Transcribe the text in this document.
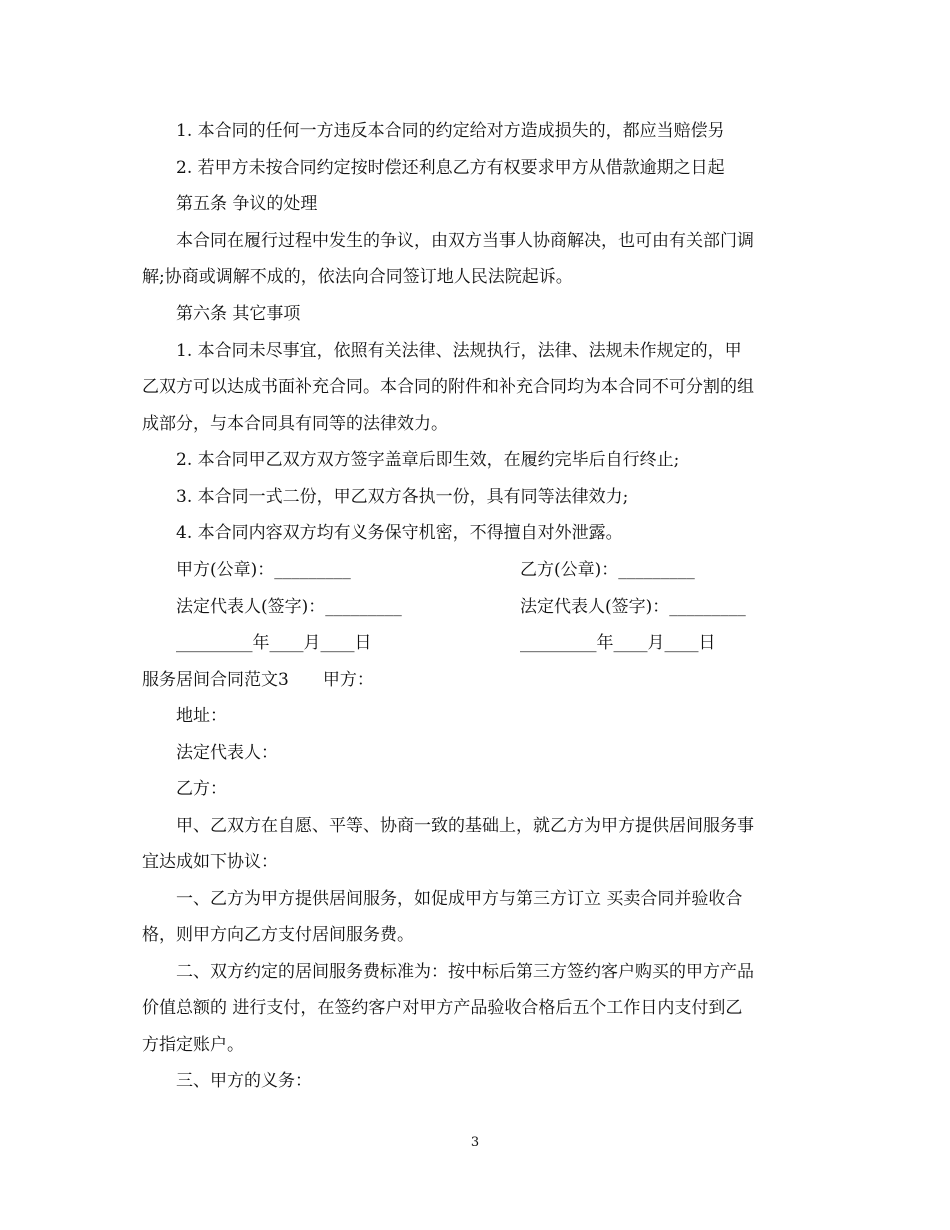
1. 本合同的任何一方违反本合同的约定给对方造成损失的，都应当赔偿另
2. 若甲方未按合同约定按时偿还利息乙方有权要求甲方从借款逾期之日起
第五条 争议的处理
本合同在履行过程中发生的争议，由双方当事人协商解决，也可由有关部门调
解;协商或调解不成的，依法向合同签订地人民法院起诉。
第六条 其它事项
1. 本合同未尽事宜，依照有关法律、法规执行，法律、法规未作规定的，甲
乙双方可以达成书面补充合同。本合同的附件和补充合同均为本合同不可分割的组
成部分，与本合同具有同等的法律效力。
2. 本合同甲乙双方双方签字盖章后即生效，在履约完毕后自行终止;
3. 本合同一式二份，甲乙双方各执一份，具有同等法律效力;
4. 本合同内容双方均有义务保守机密，不得擅自对外泄露。
甲方(公章)：_________	乙方(公章)：_________
法定代表人(签字)：_________	法定代表人(签字)：_________
_________年____月____日	_________年____月____日
服务居间合同范文3　　甲方：
地址：
法定代表人：
乙方：
甲、乙双方在自愿、平等、协商一致的基础上，就乙方为甲方提供居间服务事
宜达成如下协议：
一、乙方为甲方提供居间服务，如促成甲方与第三方订立 买卖合同并验收合
格，则甲方向乙方支付居间服务费。
二、双方约定的居间服务费标准为：按中标后第三方签约客户购买的甲方产品
价值总额的 进行支付，在签约客户对甲方产品验收合格后五个工作日内支付到乙
方指定账户。
三、甲方的义务：
3
